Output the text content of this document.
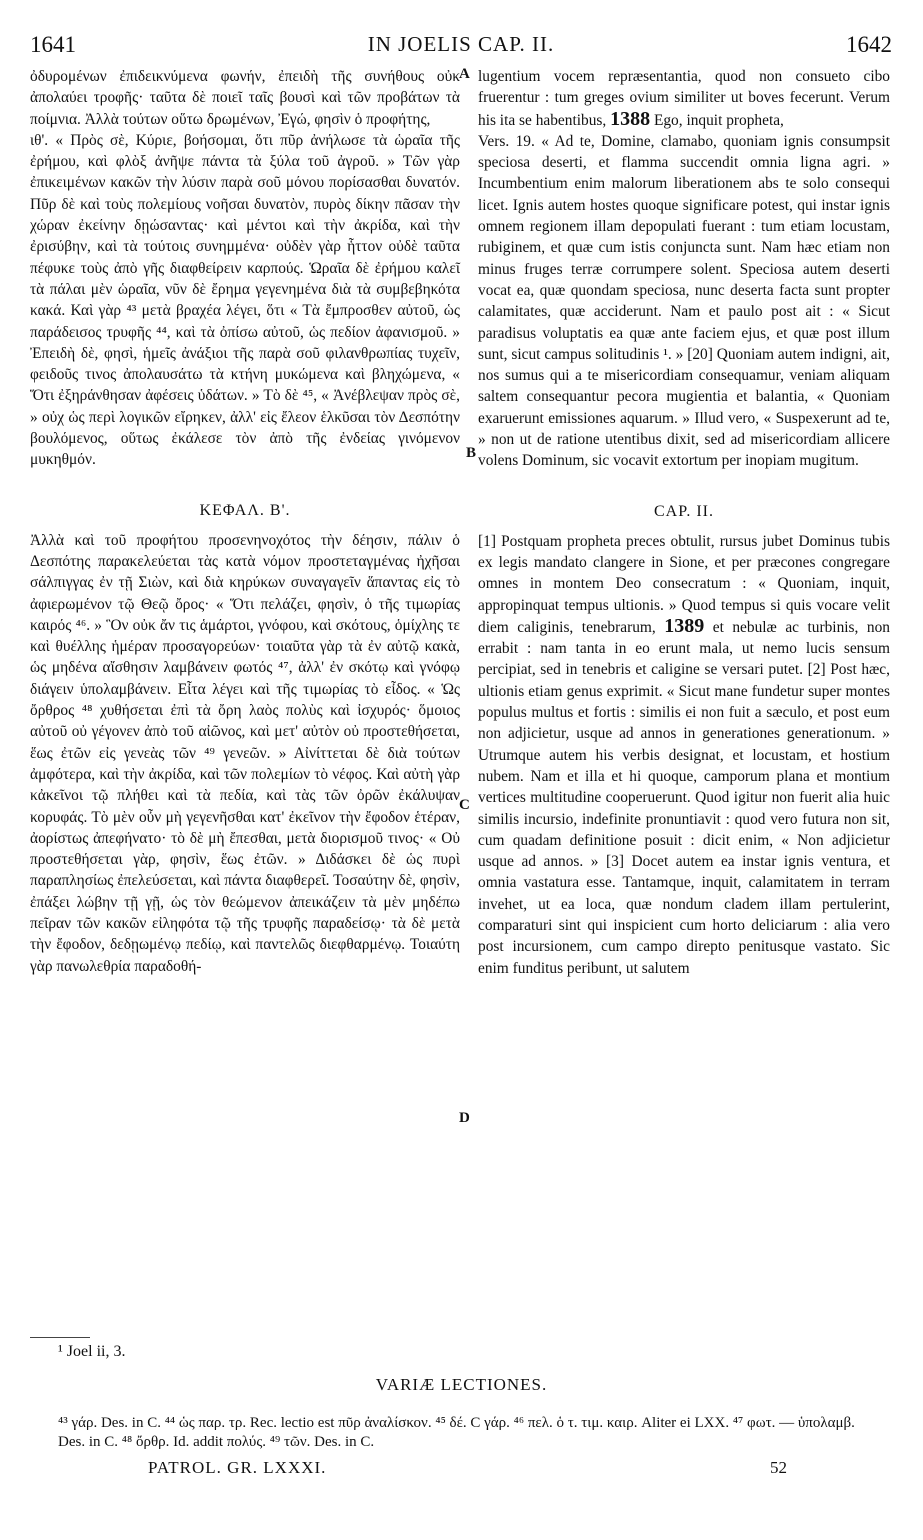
1641	IN JOELIS CAP. II.	1642
A
B
C
D

ὀδυρομένων ἐπιδεικνύμενα φωνήν, ἐπειδὴ τῆς συνήθους οὐκ ἀπολαύει τροφῆς· ταῦτα δὲ ποιεῖ ταῖς βουσὶ καὶ τῶν προβάτων τὰ ποίμνια. Ἀλλὰ τούτων οὕτω δρωμένων, Ἐγώ, φησὶν ὁ προφήτης,

ιθ'. « Πρὸς σὲ, Κύριε, βοήσομαι, ὅτι πῦρ ἀνήλωσε τὰ ὡραῖα τῆς ἐρήμου, καὶ φλὸξ ἀνῆψε πάντα τὰ ξύλα τοῦ ἀγροῦ. » Τῶν γὰρ ἐπικειμένων κακῶν τὴν λύσιν παρὰ σοῦ μόνου πορίσασθαι δυνατόν. Πῦρ δὲ καὶ τοὺς πολεμίους νοῆσαι δυνατὸν, πυρὸς δίκην πᾶσαν τὴν χώραν ἐκείνην δῃώσαντας· καὶ μέντοι καὶ τὴν ἀκρίδα, καὶ τὴν ἐρισύβην, καὶ τὰ τούτοις συνημμένα· οὐδὲν γὰρ ἧττον οὐδὲ ταῦτα πέφυκε τοὺς ἀπὸ γῆς διαφθείρειν καρπούς. Ὡραῖα δὲ ἐρήμου καλεῖ τὰ πάλαι μὲν ὡραῖα, νῦν δὲ ἔρημα γεγενημένα διὰ τὰ συμβεβηκότα κακά. Καὶ γὰρ ⁴³ μετὰ βραχέα λέγει, ὅτι « Τὰ ἔμπροσθεν αὐτοῦ, ὡς παράδεισος τρυφῆς ⁴⁴, καὶ τὰ ὀπίσω αὐτοῦ, ὡς πεδίον ἀφανισμοῦ. » Ἐπειδὴ δὲ, φησὶ, ἡμεῖς ἀνάξιοι τῆς παρὰ σοῦ φιλανθρωπίας τυχεῖν, φειδοῦς τινος ἀπολαυσάτω τὰ κτήνη μυκώμενα καὶ βληχώμενα, « Ὅτι ἐξηράνθησαν ἀφέσεις ὑδάτων. » Τὸ δὲ ⁴⁵, « Ἀνέβλεψαν πρὸς σὲ, » οὐχ ὡς περὶ λογικῶν εἴρηκεν, ἀλλ' εἰς ἔλεον ἑλκῦσαι τὸν Δεσπότην βουλόμενος, οὕτως ἐκάλεσε τὸν ἀπὸ τῆς ἐνδείας γινόμενον μυκηθμόν.

ΚΕΦΑΛ. Β'.

Ἀλλὰ καὶ τοῦ προφήτου προσενηνοχότος τὴν δέησιν, πάλιν ὁ Δεσπότης παρακελεύεται τὰς κατὰ νόμον προστεταγμένας ἠχῆσαι σάλπιγγας ἐν τῇ Σιὼν, καὶ διὰ κηρύκων συναγαγεῖν ἅπαντας εἰς τὸ ἀφιερωμένον τῷ Θεῷ ὄρος· « Ὅτι πελάζει, φησὶν, ὁ τῆς τιμωρίας καιρός ⁴⁶. » Ὃν οὐκ ἄν τις ἁμάρτοι, γνόφου, καὶ σκότους, ὁμίχλης τε καὶ θυέλλης ἡμέραν προσαγορεύων· τοιαῦτα γὰρ τὰ ἐν αὐτῷ κακὰ, ὡς μηδένα αἴσθησιν λαμβάνειν φωτός ⁴⁷, ἀλλ' ἐν σκότῳ καὶ γνόφῳ διάγειν ὑπολαμβάνειν. Εἶτα λέγει καὶ τῆς τιμωρίας τὸ εἶδος. « Ὡς ὄρθρος ⁴⁸ χυθήσεται ἐπὶ τὰ ὄρη λαὸς πολὺς καὶ ἰσχυρός· ὅμοιος αὐτοῦ οὐ γέγονεν ἀπὸ τοῦ αἰῶνος, καὶ μετ' αὐτὸν οὐ προστεθήσεται, ἕως ἐτῶν εἰς γενεὰς τῶν ⁴⁹ γενεῶν. » Αἰνίττεται δὲ διὰ τούτων ἀμφότερα, καὶ τὴν ἀκρίδα, καὶ τῶν πολεμίων τὸ νέφος. Καὶ αὐτὴ γὰρ κἀκεῖνοι τῷ πλήθει καὶ τὰ πεδία, καὶ τὰς τῶν ὀρῶν ἐκάλυψαν κορυφάς. Τὸ μὲν οὖν μὴ γεγενῆσθαι κατ' ἐκεῖνον τὴν ἔφοδον ἑτέραν, ἀορίστως ἀπεφήνατο· τὸ δὲ μὴ ἔπεσθαι, μετὰ διορισμοῦ τινος· « Οὐ προστεθήσεται γὰρ, φησὶν, ἕως ἐτῶν. » Διδάσκει δὲ ὡς πυρὶ παραπλησίως ἐπελεύσεται, καὶ πάντα διαφθερεῖ. Τοσαύτην δὲ, φησὶν, ἐπάξει λώβην τῇ γῇ, ὡς τὸν θεώμενον ἀπεικάζειν τὰ μὲν μηδέπω πεῖραν τῶν κακῶν εἰληφότα τῷ τῆς τρυφῆς παραδείσῳ· τὰ δὲ μετὰ τὴν ἔφοδον, δεδῃωμένῳ πεδίῳ, καὶ παντελῶς διεφθαρμένῳ. Τοιαύτη γὰρ πανωλεθρία παραδοθή-

lugentium vocem repræsentantia, quod non consueto cibo fruerentur : tum greges ovium similiter ut boves fecerunt. Verum his ita se habentibus, 1388 Ego, inquit propheta,

Vers. 19. « Ad te, Domine, clamabo, quoniam ignis consumpsit speciosa deserti, et flamma succendit omnia ligna agri. » Incumbentium enim malorum liberationem abs te solo consequi licet. Ignis autem hostes quoque significare potest, qui instar ignis omnem regionem illam depopulati fuerant : tum etiam locustam, rubiginem, et quæ cum istis conjuncta sunt. Nam hæc etiam non minus fruges terræ corrumpere solent. Speciosa autem deserti vocat ea, quæ quondam speciosa, nunc deserta facta sunt propter calamitates, quæ acciderunt. Nam et paulo post ait : « Sicut paradisus voluptatis ea quæ ante faciem ejus, et quæ post illum sunt, sicut campus solitudinis ¹. » [20] Quoniam autem indigni, ait, nos sumus qui a te misericordiam consequamur, veniam aliquam saltem consequantur pecora mugientia et balantia, « Quoniam exaruerunt emissiones aquarum. » Illud vero, « Suspexerunt ad te, » non ut de ratione utentibus dixit, sed ad misericordiam allicere volens Dominum, sic vocavit extortum per inopiam mugitum.

CAP. II.

[1] Postquam propheta preces obtulit, rursus jubet Dominus tubis ex legis mandato clangere in Sione, et per præcones congregare omnes in montem Deo consecratum : « Quoniam, inquit, appropinquat tempus ultionis. » Quod tempus si quis vocare velit diem caliginis, tenebrarum, 1389 et nebulæ ac turbinis, non errabit : nam tanta in eo erunt mala, ut nemo lucis sensum percipiat, sed in tenebris et caligine se versari putet. [2] Post hæc, ultionis etiam genus exprimit. « Sicut mane fundetur super montes populus multus et fortis : similis ei non fuit a sæculo, et post eum non adjicietur, usque ad annos in generationes generationum. » Utrumque autem his verbis designat, et locustam, et hostium nubem. Nam et illa et hi quoque, camporum plana et montium vertices multitudine cooperuerunt. Quod igitur non fuerit alia huic similis incursio, indefinite pronuntiavit : quod vero futura non sit, cum quadam definitione posuit : dicit enim, « Non adjicietur usque ad annos. » [3] Docet autem ea instar ignis ventura, et omnia vastatura esse. Tantamque, inquit, calamitatem in terram invehet, ut ea loca, quæ nondum cladem illam pertulerint, comparaturi sint qui inspicient cum horto deliciarum : alia vero post incursionem, cum campo direpto penitusque vastato. Sic enim funditus peribunt, ut salutem

¹ Joel ii, 3.
VARIÆ LECTIONES.
⁴³ γάρ. Des. in C. ⁴⁴ ὡς παρ. τρ. Rec. lectio est πῦρ ἀναλίσκον. ⁴⁵ δέ. C γάρ. ⁴⁶ πελ. ὁ τ. τιμ. καιρ. Aliter ei LXX. ⁴⁷ φωτ. — ὑπολαμβ. Des. in C. ⁴⁸ ὄρθρ. Id. addit πολύς. ⁴⁹ τῶν. Des. in C.
PATROL. GR. LXXXI.	52
